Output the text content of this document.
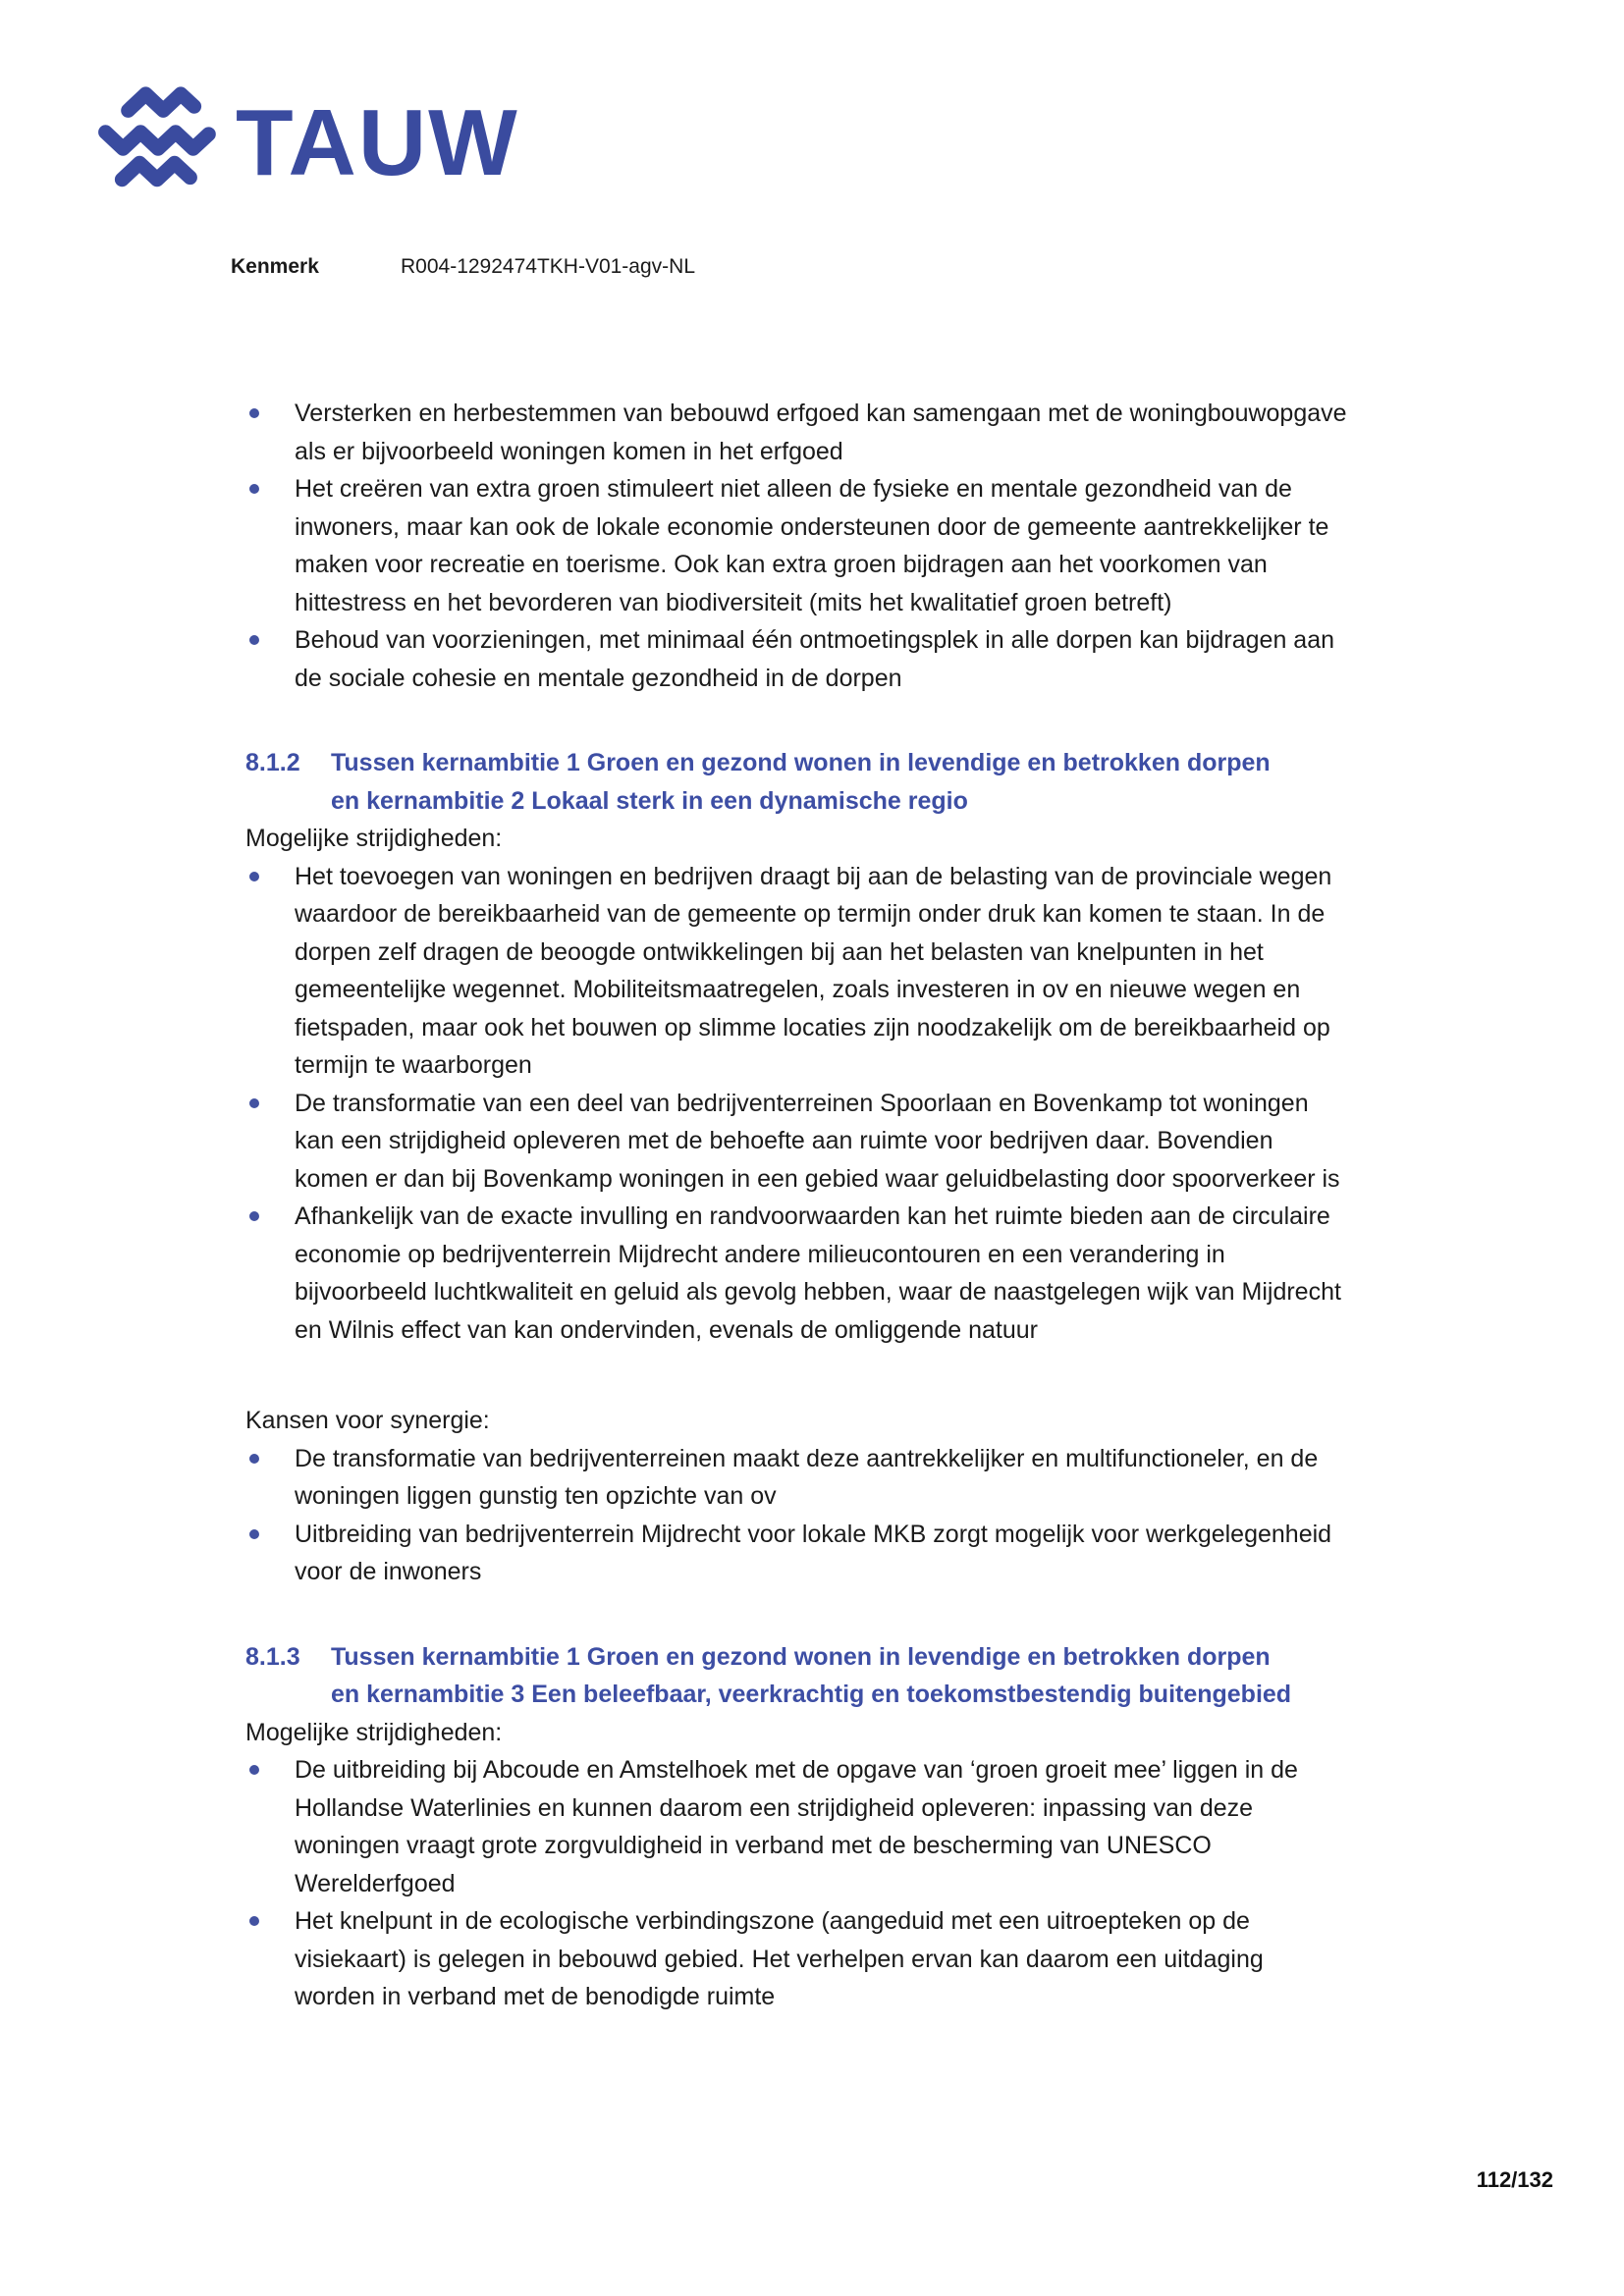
TAUW
Kenmerk	R004-1292474TKH-V01-agv-NL
Versterken en herbestemmen van bebouwd erfgoed kan samengaan met de woningbouwopgave als er bijvoorbeeld woningen komen in het erfgoed
Het creëren van extra groen stimuleert niet alleen de fysieke en mentale gezondheid van de inwoners, maar kan ook de lokale economie ondersteunen door de gemeente aantrekkelijker te maken voor recreatie en toerisme. Ook kan extra groen bijdragen aan het voorkomen van hittestress en het bevorderen van biodiversiteit (mits het kwalitatief groen betreft)
Behoud van voorzieningen, met minimaal één ontmoetingsplek in alle dorpen kan bijdragen aan de sociale cohesie en mentale gezondheid in de dorpen
8.1.2 Tussen kernambitie 1 Groen en gezond wonen in levendige en betrokken dorpen
en kernambitie 2 Lokaal sterk in een dynamische regio

Mogelijke strijdigheden:

Het toevoegen van woningen en bedrijven draagt bij aan de belasting van de provinciale wegen waardoor de bereikbaarheid van de gemeente op termijn onder druk kan komen te staan. In de dorpen zelf dragen de beoogde ontwikkelingen bij aan het belasten van knelpunten in het gemeentelijke wegennet. Mobiliteitsmaatregelen, zoals investeren in ov en nieuwe wegen en fietspaden, maar ook het bouwen op slimme locaties zijn noodzakelijk om de bereikbaarheid op termijn te waarborgen
De transformatie van een deel van bedrijventerreinen Spoorlaan en Bovenkamp tot woningen kan een strijdigheid opleveren met de behoefte aan ruimte voor bedrijven daar. Bovendien komen er dan bij Bovenkamp woningen in een gebied waar geluidbelasting door spoorverkeer is
Afhankelijk van de exacte invulling en randvoorwaarden kan het ruimte bieden aan de circulaire economie op bedrijventerrein Mijdrecht andere milieucontouren en een verandering in bijvoorbeeld luchtkwaliteit en geluid als gevolg hebben, waar de naastgelegen wijk van Mijdrecht en Wilnis effect van kan ondervinden, evenals de omliggende natuur

Kansen voor synergie:

De transformatie van bedrijventerreinen maakt deze aantrekkelijker en multifunctioneler, en de woningen liggen gunstig ten opzichte van ov
Uitbreiding van bedrijventerrein Mijdrecht voor lokale MKB zorgt mogelijk voor werkgelegenheid voor de inwoners
8.1.3 Tussen kernambitie 1 Groen en gezond wonen in levendige en betrokken dorpen
en kernambitie 3 Een beleefbaar, veerkrachtig en toekomstbestendig buitengebied

Mogelijke strijdigheden:

De uitbreiding bij Abcoude en Amstelhoek met de opgave van ‘groen groeit mee’ liggen in de Hollandse Waterlinies en kunnen daarom een strijdigheid opleveren: inpassing van deze woningen vraagt grote zorgvuldigheid in verband met de bescherming van UNESCO Werelderfgoed
Het knelpunt in de ecologische verbindingszone (aangeduid met een uitroepteken op de visiekaart) is gelegen in bebouwd gebied. Het verhelpen ervan kan daarom een uitdaging worden in verband met de benodigde ruimte
112/132
